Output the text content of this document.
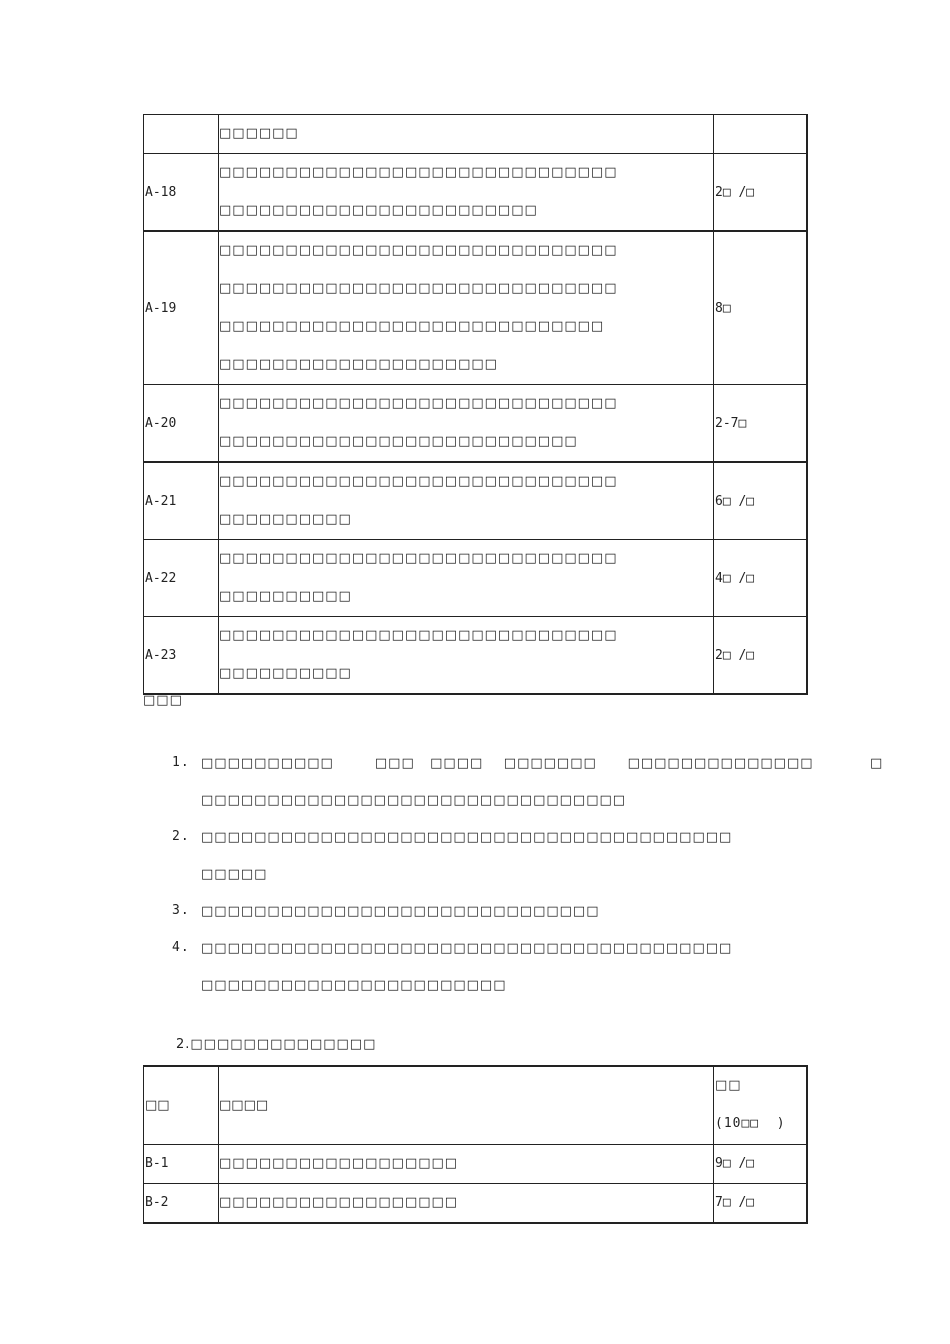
	□□□□□□	

A-18	□□□□□□□□□□□□□□□□□□□□□□□□□□□□□□
□□□□□□□□□□□□□□□□□□□□□□□□	2□ /□
A-19	□□□□□□□□□□□□□□□□□□□□□□□□□□□□□□
□□□□□□□□□□□□□□□□□□□□□□□□□□□□□□
□□□□□□□□□□□□□□□□□□□□□□□□□□□□□
□□□□□□□□□□□□□□□□□□□□□	8□
A-20	□□□□□□□□□□□□□□□□□□□□□□□□□□□□□□
□□□□□□□□□□□□□□□□□□□□□□□□□□□	2-7□
A-21	□□□□□□□□□□□□□□□□□□□□□□□□□□□□□□
□□□□□□□□□□	6□ /□
A-22	□□□□□□□□□□□□□□□□□□□□□□□□□□□□□□
□□□□□□□□□□	4□ /□
A-23	□□□□□□□□□□□□□□□□□□□□□□□□□□□□□□
□□□□□□□□□□	2□ /□
□□□
1. □□□□□□□□□□        □□□   □□□□    □□□□□□□      □□□□□□□□□□□□□□           □
□□□□□□□□□□□□□□□□□□□□□□□□□□□□□□□□
2. □□□□□□□□□□□□□□□□□□□□□□□□□□□□□□□□□□□□□□□□
□□□□□
3. □□□□□□□□□□□□□□□□□□□□□□□□□□□□□□
4. □□□□□□□□□□□□□□□□□□□□□□□□□□□□□□□□□□□□□□□□
□□□□□□□□□□□□□□□□□□□□□□□
2.□□□□□□□□□□□□□□
□□	□□□□	□□
(10□□  )

B-1	□□□□□□□□□□□□□□□□□□	9□ /□
B-2	□□□□□□□□□□□□□□□□□□	7□ /□
